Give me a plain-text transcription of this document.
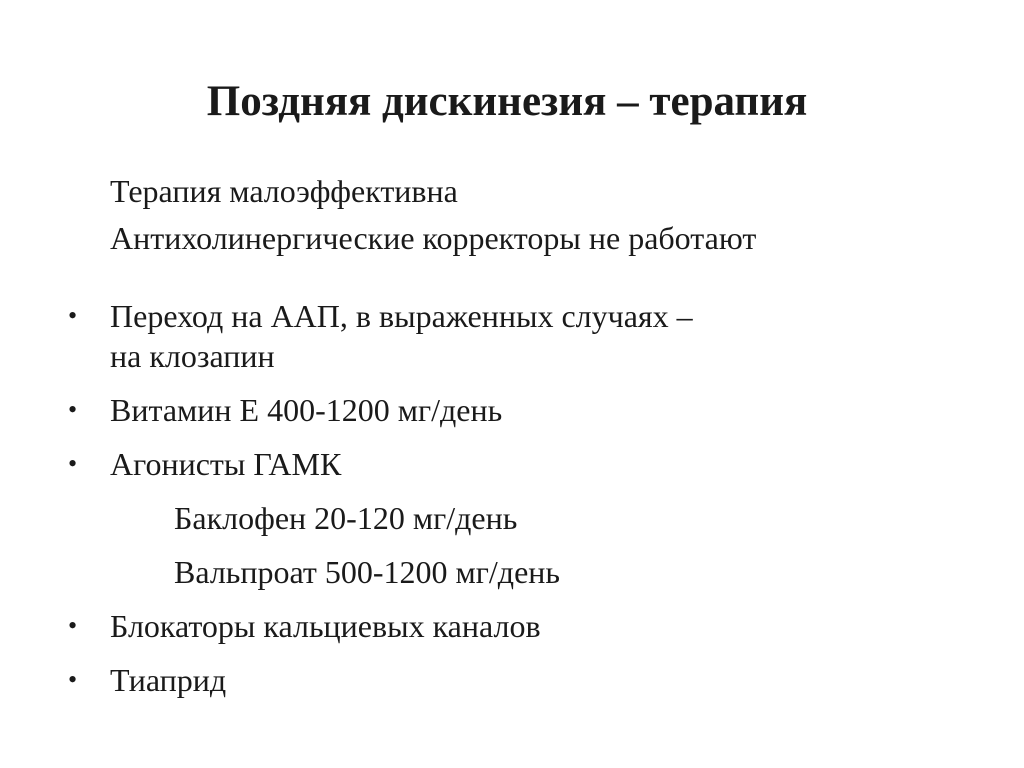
Поздняя дискинезия – терапия
Терапия малоэффективна
Антихолинергические корректоры не работают
• Переход на ААП, в выраженных случаях –
на клозапин
• Витамин Е 400-1200 мг/день
• Агонисты ГАМК
Баклофен 20-120 мг/день
Вальпроат 500-1200 мг/день
• Блокаторы кальциевых каналов
• Тиаприд
